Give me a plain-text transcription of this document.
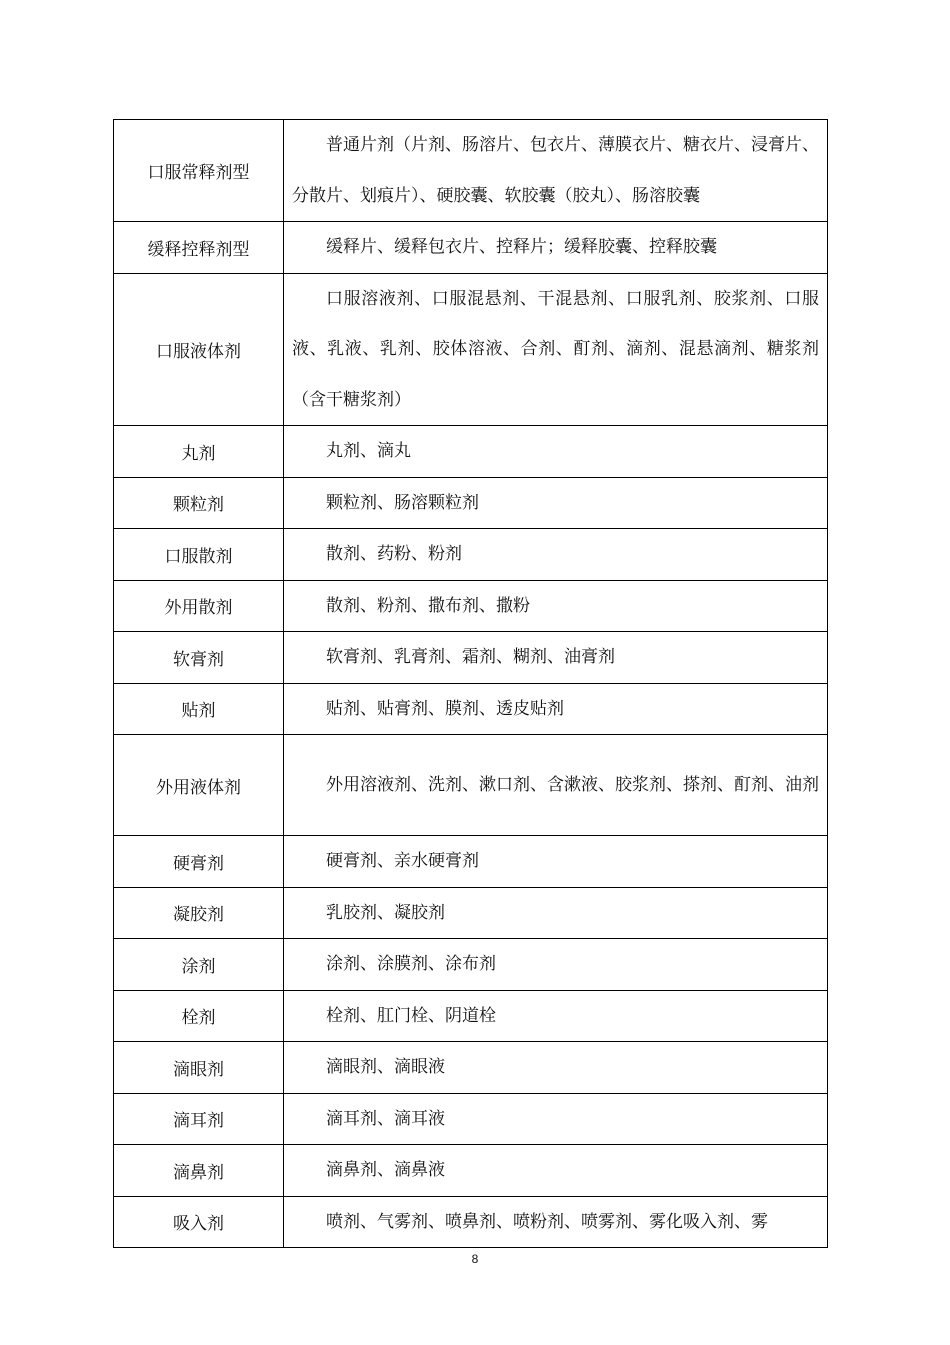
口服常释剂型	普通片剂（片剂、肠溶片、包衣片、薄膜衣片、糖衣片、浸膏片、分散片、划痕片）、硬胶囊、软胶囊（胶丸）、肠溶胶囊
缓释控释剂型	缓释片、缓释包衣片、控释片；缓释胶囊、控释胶囊
口服液体剂	口服溶液剂、口服混悬剂、干混悬剂、口服乳剂、胶浆剂、口服液、乳液、乳剂、胶体溶液、合剂、酊剂、滴剂、混悬滴剂、糖浆剂（含干糖浆剂）
丸剂	丸剂、滴丸
颗粒剂	颗粒剂、肠溶颗粒剂
口服散剂	散剂、药粉、粉剂
外用散剂	散剂、粉剂、撒布剂、撒粉
软膏剂	软膏剂、乳膏剂、霜剂、糊剂、油膏剂
贴剂	贴剂、贴膏剂、膜剂、透皮贴剂
外用液体剂	外用溶液剂、洗剂、漱口剂、含漱液、胶浆剂、搽剂、酊剂、油剂
硬膏剂	硬膏剂、亲水硬膏剂
凝胶剂	乳胶剂、凝胶剂
涂剂	涂剂、涂膜剂、涂布剂
栓剂	栓剂、肛门栓、阴道栓
滴眼剂	滴眼剂、滴眼液
滴耳剂	滴耳剂、滴耳液
滴鼻剂	滴鼻剂、滴鼻液
吸入剂	喷剂、气雾剂、喷鼻剂、喷粉剂、喷雾剂、雾化吸入剂、雾
8
